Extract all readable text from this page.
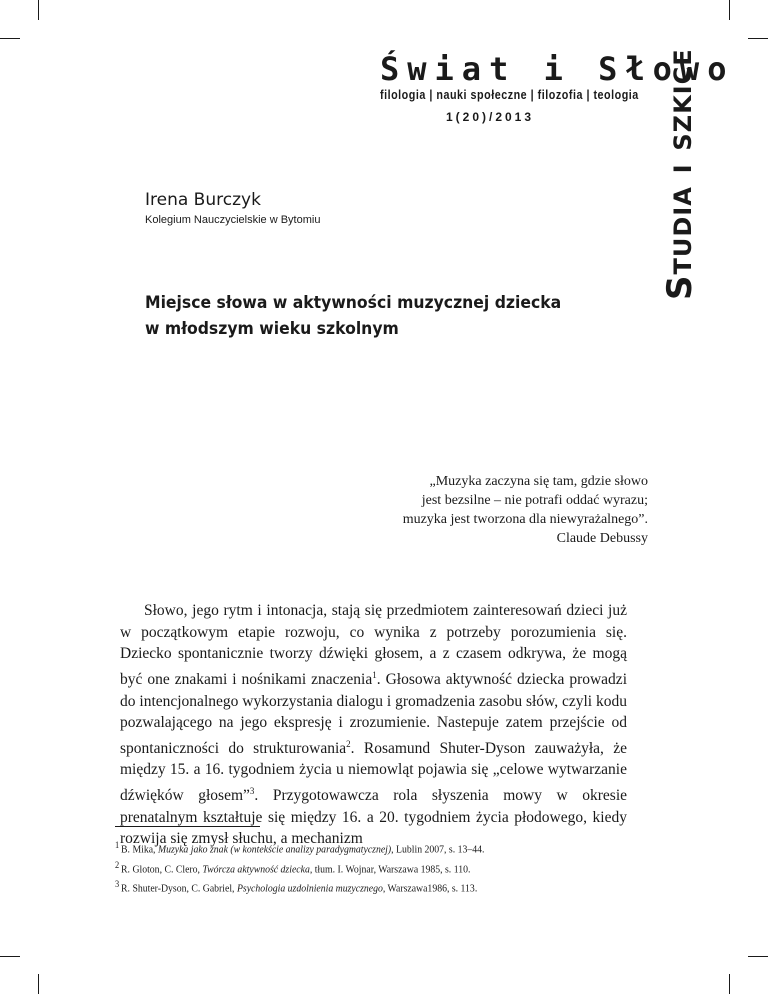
Świat i Słowo
filologia | nauki społeczne | filozofia | teologia
1(20)/2013	Studia i szkice
Irena Burczyk
Kolegium Nauczycielskie w Bytomiu
Miejsce słowa w aktywności muzycznej dziecka
w młodszym wieku szkolnym
„Muzyka zaczyna się tam, gdzie słowo
jest bezsilne – nie potrafi oddać wyrazu;
muzyka jest tworzona dla niewyrażalnego”.
Claude Debussy

Słowo, jego rytm i intonacja, stają się przedmiotem zainteresowań dzieci już w początkowym etapie rozwoju, co wynika z potrzeby porozumienia się. Dziecko spontanicznie tworzy dźwięki głosem, a z czasem odkrywa, że mogą być one znakami i nośnikami znaczenia$^1$. Głosowa aktywność dziecka prowadzi do intencjonalnego wykorzystania dialogu i gromadzenia zasobu słów, czyli kodu pozwalającego na jego ekspresję i zrozumienie. Nastepuje zatem przejście od spontaniczności do strukturowania$^2$. Rosamund Shuter-Dyson zauważyła, że między 15. a 16. tygodniem życia u niemowląt pojawia się „celowe wytwarzanie dźwięków głosem”$^3$. Przygotowawcza rola słyszenia mowy w okresie prenatalnym kształtuje się między 16. a 20. tygodniem życia płodowego, kiedy rozwija się zmysł słuchu, a mechanizm

$^1$ B. Mika, Muzyka jako znak (w kontekście analizy paradygmatycznej), Lublin 2007, s. 13–44.
$^2$ R. Gloton, C. Clero, Twórcza aktywność dziecka, tłum. I. Wojnar, Warszawa 1985, s. 110.
$^3$ R. Shuter-Dyson, C. Gabriel, Psychologia uzdolnienia muzycznego, Warszawa1986, s. 113.
